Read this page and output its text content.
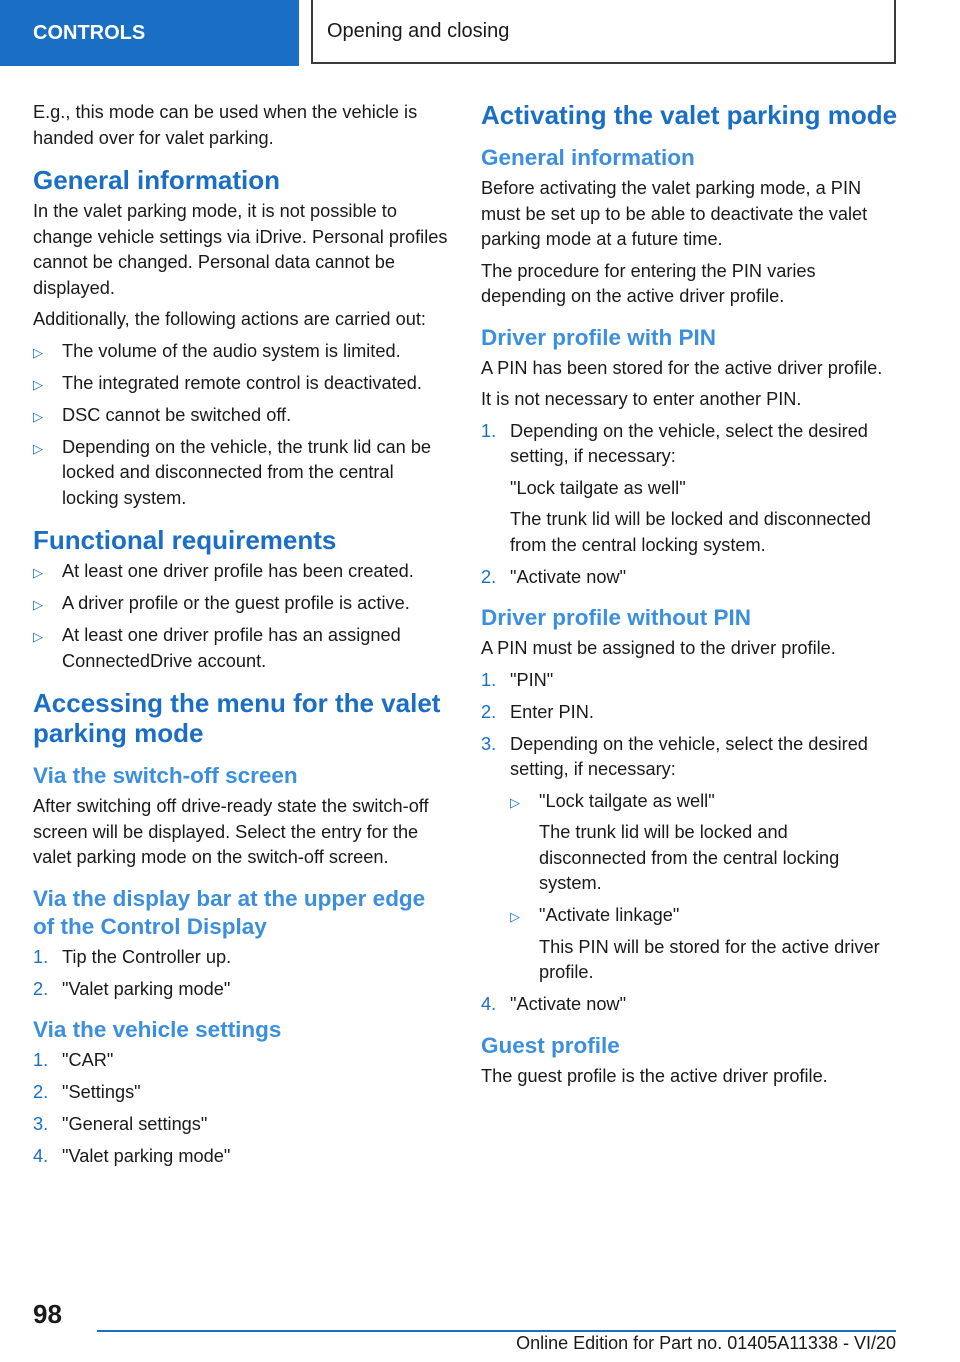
CONTROLS	Opening and closing

E.g., this mode can be used when the vehicle is handed over for valet parking.

General information

In the valet parking mode, it is not possible to change vehicle settings via iDrive. Personal profiles cannot be changed. Personal data cannot be displayed.

Additionally, the following actions are carried out:

▷ The volume of the audio system is limited.
▷ The integrated remote control is deactivated.
▷ DSC cannot be switched off.
▷ Depending on the vehicle, the trunk lid can be locked and disconnected from the central locking system.
Functional requirements
▷ At least one driver profile has been created.
▷ A driver profile or the guest profile is active.
▷ At least one driver profile has an assigned ConnectedDrive account.
Accessing the menu for the valet parking mode
Via the switch-off screen

After switching off drive-ready state the switch-off screen will be displayed. Select the entry for the valet parking mode on the switch-off screen.

Via the display bar at the upper edge of the Control Display
1. Tip the Controller up.
2. "Valet parking mode"
Via the vehicle settings
1. "CAR"
2. "Settings"
3. "General settings"
4. "Valet parking mode"
Activating the valet parking mode
General information

Before activating the valet parking mode, a PIN must be set up to be able to deactivate the valet parking mode at a future time.

The procedure for entering the PIN varies depending on the active driver profile.

Driver profile with PIN

A PIN has been stored for the active driver profile.

It is not necessary to enter another PIN.

1. Depending on the vehicle, select the desired setting, if necessary:

"Lock tailgate as well"

The trunk lid will be locked and disconnected from the central locking system.

2. "Activate now"
Driver profile without PIN

A PIN must be assigned to the driver profile.

1. "PIN"
2. Enter PIN.
3. Depending on the vehicle, select the desired setting, if necessary:
▷ "Lock tailgate as well"

The trunk lid will be locked and disconnected from the central locking system.

▷ "Activate linkage"

This PIN will be stored for the active driver profile.

4. "Activate now"
Guest profile

The guest profile is the active driver profile.

98
Online Edition for Part no. 01405A11338 - VI/20
